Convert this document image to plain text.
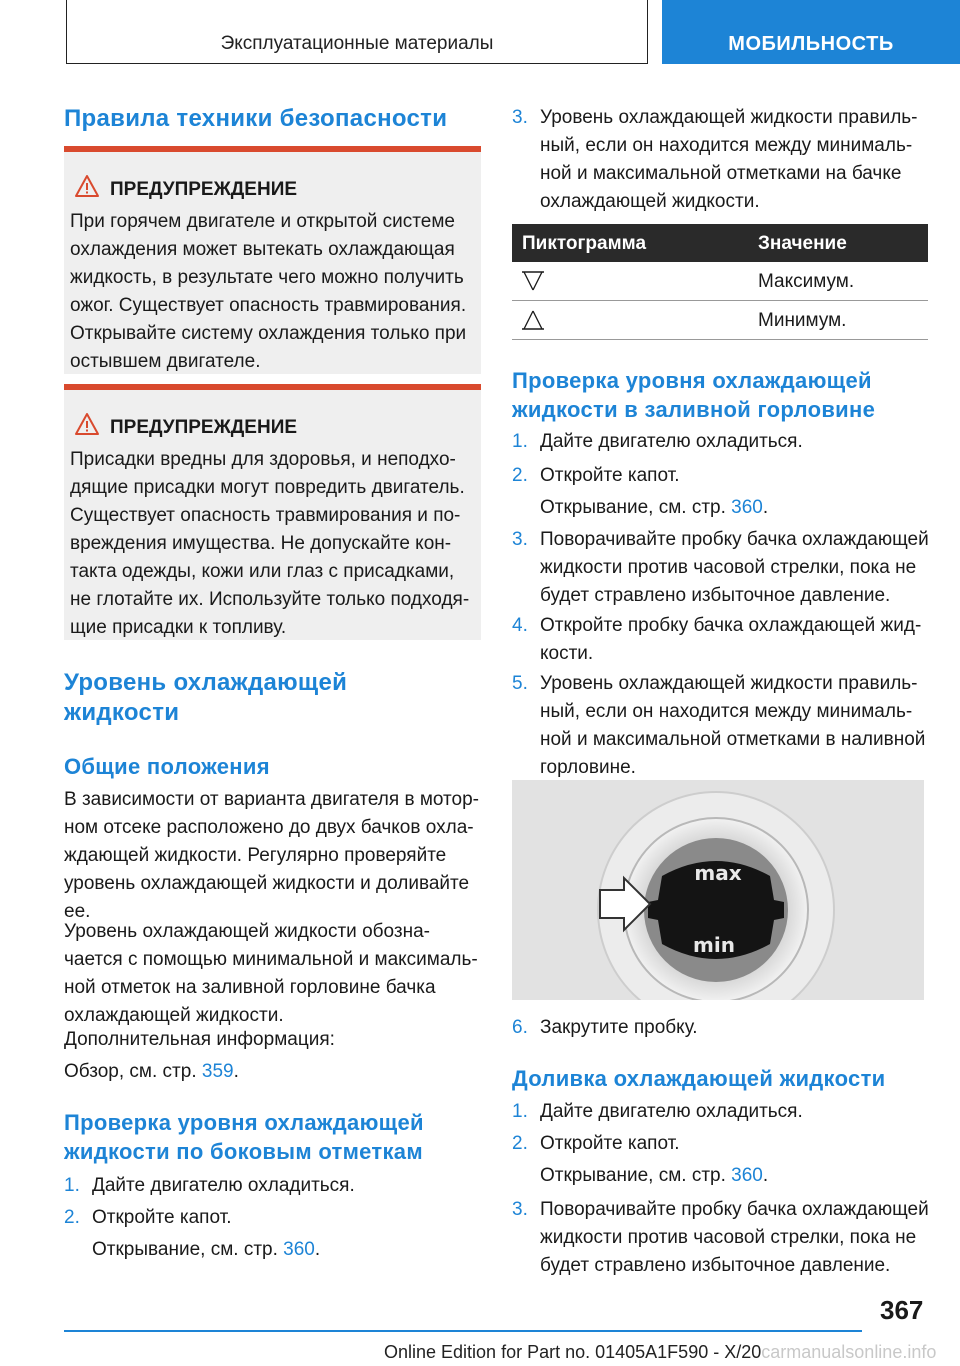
Эксплуатационные материалы	МОБИЛЬНОСТЬ
Правила техники безопасности
ПРЕДУПРЕЖДЕНИЕ
При горячем двигателе и открытой системе
охлаждения может вытекать охлаждающая
жидкость, в результате чего можно получить
ожог. Существует опасность травмирования.
Открывайте систему охлаждения только при
остывшем двигателе.
ПРЕДУПРЕЖДЕНИЕ
Присадки вредны для здоровья, и неподхо-
дящие присадки могут повредить двигатель.
Существует опасность травмирования и по-
вреждения имущества. Не допускайте кон-
такта одежды, кожи или глаз с присадками,
не глотайте их. Используйте только подходя-
щие присадки к топливу.
Уровень охлаждающей
жидкости
Общие положения
В зависимости от варианта двигателя в мотор-
ном отсеке расположено до двух бачков охла-
ждающей жидкости. Регулярно проверяйте
уровень охлаждающей жидкости и доливайте
ее.
Уровень охлаждающей жидкости обозна-
чается с помощью минимальной и максималь-
ной отметок на заливной горловине бачка
охлаждающей жидкости.
Дополнительная информация:
Обзор, см. стр. 359.
Проверка уровня охлаждающей
жидкости по боковым отметкам
1. Дайте двигателю охладиться.
2. Откройте капот.
Открывание, см. стр. 360.
3. Уровень охлаждающей жидкости правиль-
ный, если он находится между минималь-
ной и максимальной отметками на бачке
охлаждающей жидкости.
Пиктограмма	Значение
Максимум.
Минимум.
Проверка уровня охлаждающей
жидкости в заливной горловине
1. Дайте двигателю охладиться.
2. Откройте капот.
Открывание, см. стр. 360.
3. Поворачивайте пробку бачка охлаждающей
жидкости против часовой стрелки, пока не
будет стравлено избыточное давление.
4. Откройте пробку бачка охлаждающей жид-
кости.
5. Уровень охлаждающей жидкости правиль-
ный, если он находится между минималь-
ной и максимальной отметками в наливной
горловине.
max
min
6. Закрутите пробку.
Доливка охлаждающей жидкости
1. Дайте двигателю охладиться.
2. Откройте капот.
Открывание, см. стр. 360.
3. Поворачивайте пробку бачка охлаждающей
жидкости против часовой стрелки, пока не
будет стравлено избыточное давление.
367
Online Edition for Part no. 01405A1F590 - X/20carmanualsonline.info
